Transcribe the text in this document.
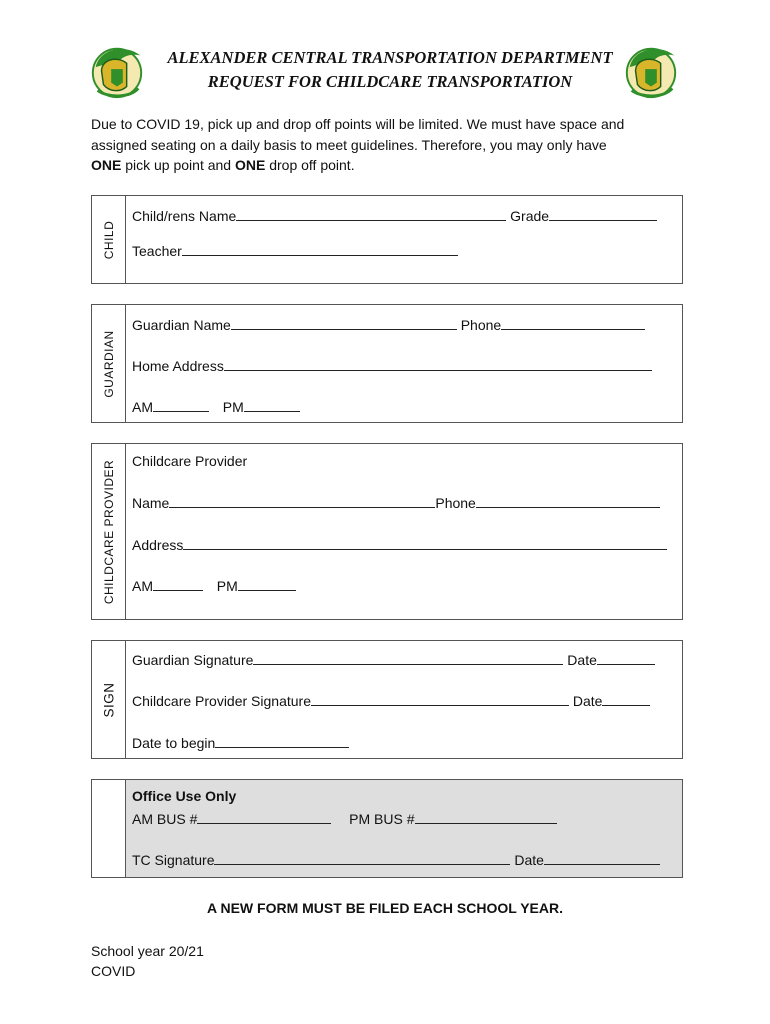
ALEXANDER CENTRAL TRANSPORTATION DEPARTMENT
REQUEST FOR CHILDCARE TRANSPORTATION
Due to COVID 19, pick up and drop off points will be limited. We must have space and
assigned seating on a daily basis to meet guidelines. Therefore, you may only have
ONE pick up point and ONE drop off point.
CHILD
Child/rens Name	Grade
Teacher
GUARDIAN
Guardian Name	Phone
Home Address
AM	PM
CHILDCARE PROVIDER Childcare Provider
Name	Phone
Address
AM	PM
SIGN
Guardian Signature	Date
Childcare Provider Signature	Date
Date to begin
Office Use Only
AM BUS #	PM BUS #
TC Signature	Date
A NEW FORM MUST BE FILED EACH SCHOOL YEAR.
School year 20/21
COVID
